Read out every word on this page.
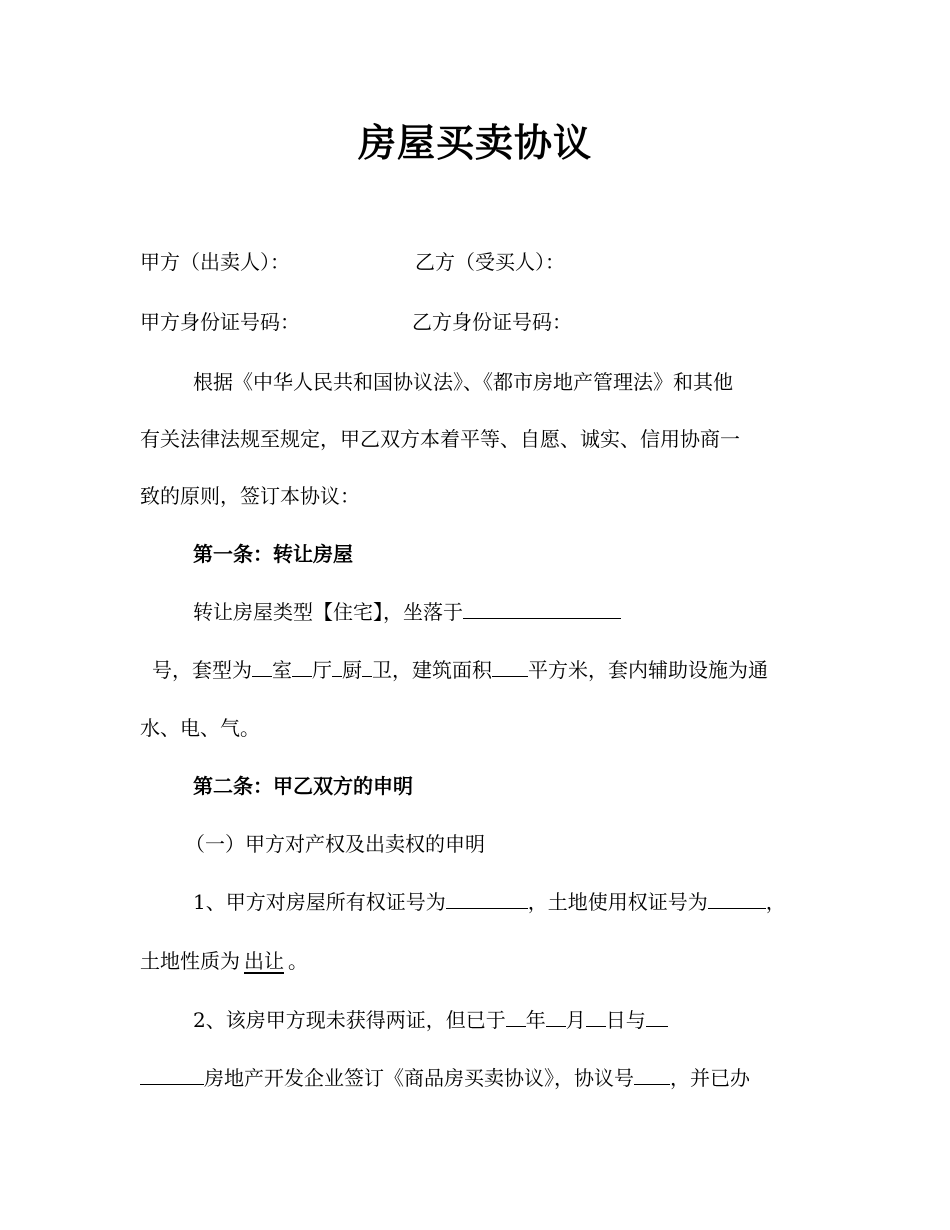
房屋买卖协议
甲方（出卖人）：	乙方（受买人）：
甲方身份证号码：	乙方身份证号码：
根据《中华人民共和国协议法》、《都市房地产管理法》和其他
有关法律法规至规定，甲乙双方本着平等、自愿、诚实、信用协商一
致的原则，签订本协议：
第一条：转让房屋
转让房屋类型【住宅】，坐落于
号，套型为 室 厅 厨 卫，建筑面积 平方米，套内辅助设施为通
水、电、气。
第二条：甲乙双方的申明
（一）甲方对产权及出卖权的申明
1、甲方对房屋所有权证号为	，土地使用权证号为	，
土地性质为 出让 。
2、该房甲方现未获得两证，但已于 年 月 日与
房地产开发企业签订《商品房买卖协议》，协议号 ，并已办
